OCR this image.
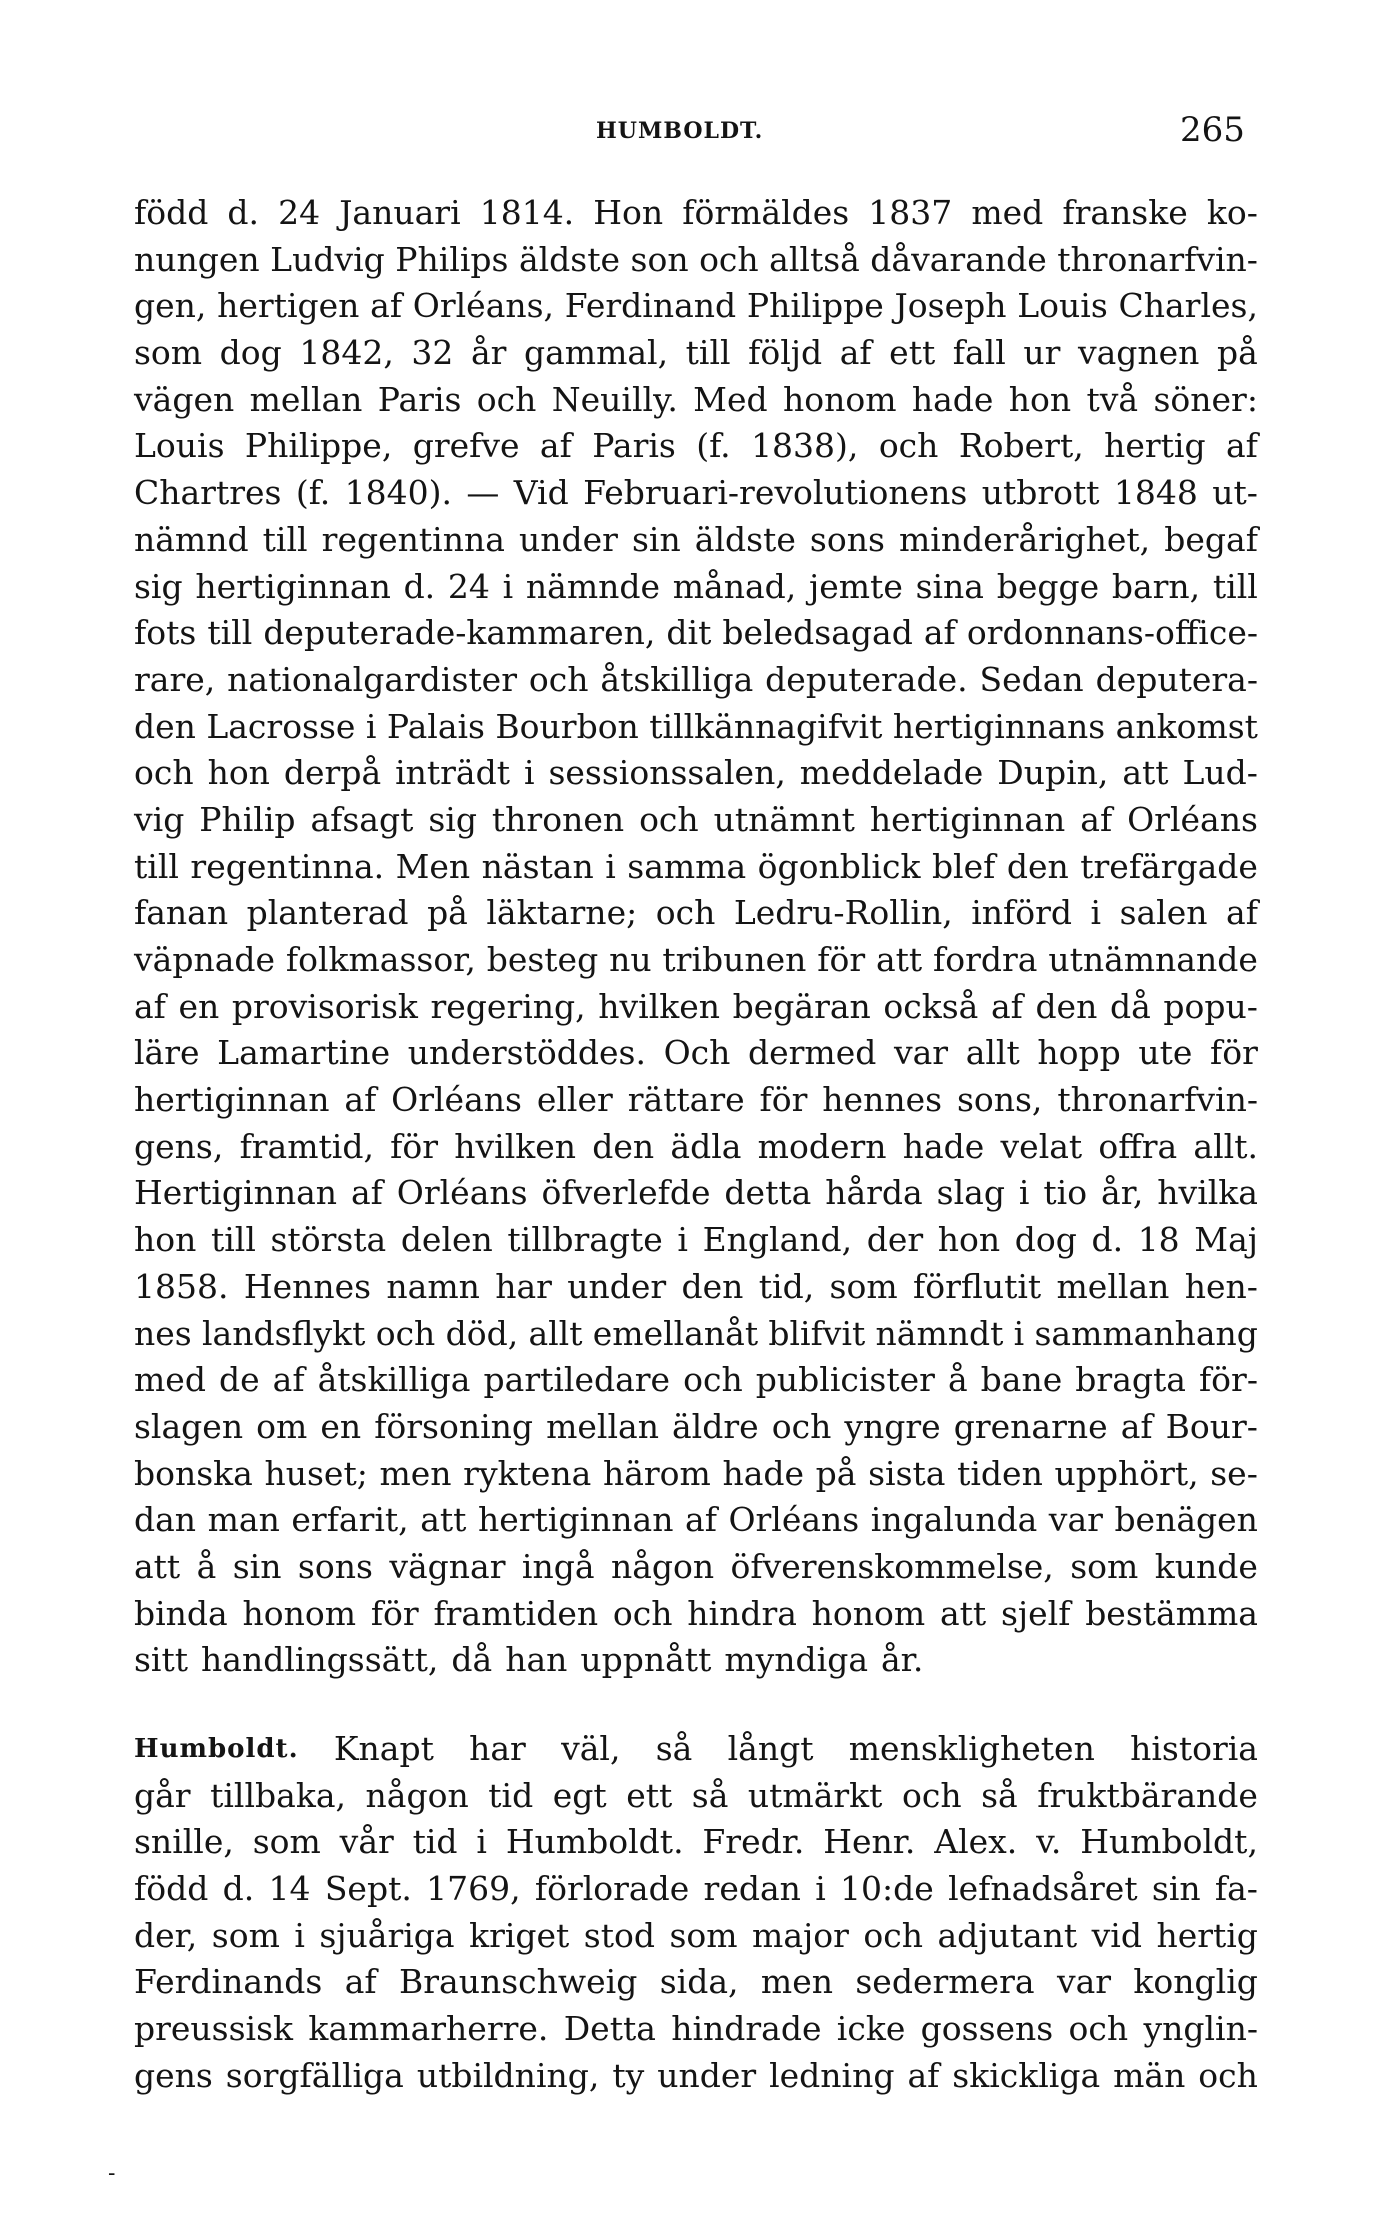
HUMBOLDT.	265
född d. 24 Januari 1814. Hon förmäldes 1837 med franske ko-
nungen Ludvig Philips äldste son och alltså dåvarande thronarfvin-
gen, hertigen af Orléans, Ferdinand Philippe Joseph Louis Charles,
som dog 1842, 32 år gammal, till följd af ett fall ur vagnen på
vägen mellan Paris och Neuilly. Med honom hade hon två söner:
Louis Philippe, grefve af Paris (f. 1838), och Robert, hertig af
Chartres (f. 1840). — Vid Februari-revolutionens utbrott 1848 ut-
nämnd till regentinna under sin äldste sons minderårighet, begaf
sig hertiginnan d. 24 i nämnde månad, jemte sina begge barn, till
fots till deputerade-kammaren, dit beledsagad af ordonnans-office-
rare, nationalgardister och åtskilliga deputerade. Sedan deputera-
den Lacrosse i Palais Bourbon tillkännagifvit hertiginnans ankomst
och hon derpå inträdt i sessionssalen, meddelade Dupin, att Lud-
vig Philip afsagt sig thronen och utnämnt hertiginnan af Orléans
till regentinna. Men nästan i samma ögonblick blef den trefärgade
fanan planterad på läktarne; och Ledru-Rollin, införd i salen af
väpnade folkmassor, besteg nu tribunen för att fordra utnämnande
af en provisorisk regering, hvilken begäran också af den då popu-
läre Lamartine understöddes. Och dermed var allt hopp ute för
hertiginnan af Orléans eller rättare för hennes sons, thronarfvin-
gens, framtid, för hvilken den ädla modern hade velat offra allt.
Hertiginnan af Orléans öfverlefde detta hårda slag i tio år, hvilka
hon till största delen tillbragte i England, der hon dog d. 18 Maj
1858. Hennes namn har under den tid, som förflutit mellan hen-
nes landsflykt och död, allt emellanåt blifvit nämndt i sammanhang
med de af åtskilliga partiledare och publicister å bane bragta för-
slagen om en försoning mellan äldre och yngre grenarne af Bour-
bonska huset; men ryktena härom hade på sista tiden upphört, se-
dan man erfarit, att hertiginnan af Orléans ingalunda var benägen
att å sin sons vägnar ingå någon öfverenskommelse, som kunde
binda honom för framtiden och hindra honom att sjelf bestämma
sitt handlingssätt, då han uppnått myndiga år.
Humboldt. Knapt har väl, så långt menskligheten historia
går tillbaka, någon tid egt ett så utmärkt och så fruktbärande
snille, som vår tid i Humboldt. Fredr. Henr. Alex. v. Humboldt,
född d. 14 Sept. 1769, förlorade redan i 10:de lefnadsåret sin fa-
der, som i sjuåriga kriget stod som major och adjutant vid hertig
Ferdinands af Braunschweig sida, men sedermera var konglig
preussisk kammarherre. Detta hindrade icke gossens och ynglin-
gens sorgfälliga utbildning, ty under ledning af skickliga män och
-
